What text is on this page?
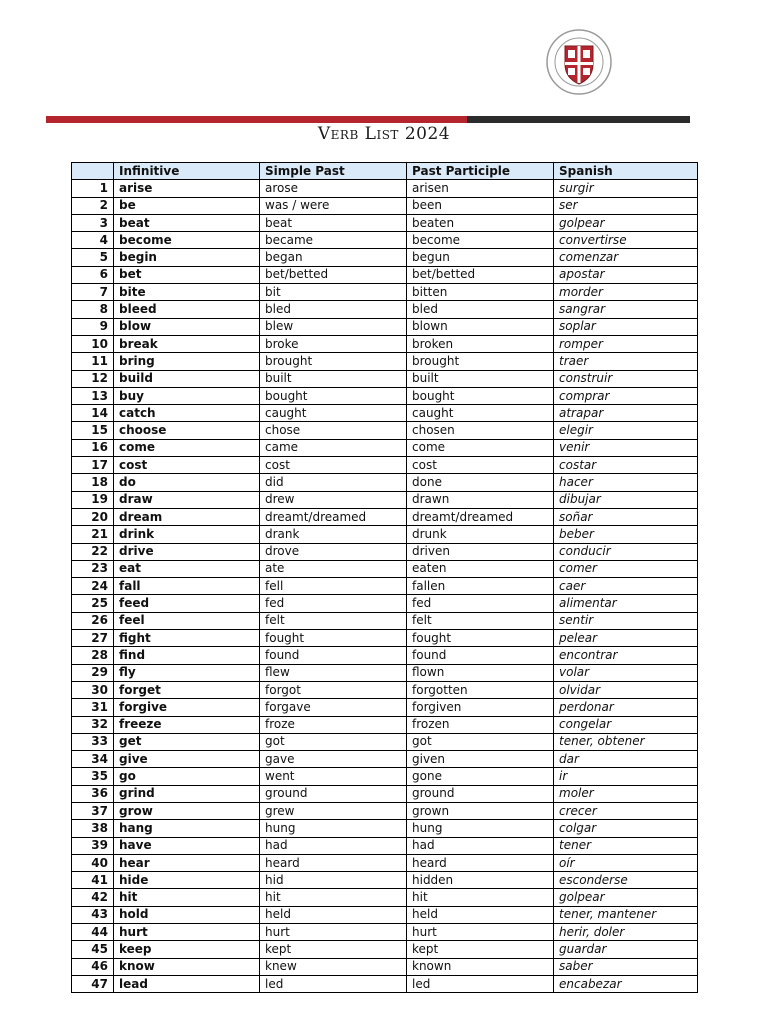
Verb List 2024
	Infinitive	Simple Past	Past Participle	Spanish
1	arise	arose	arisen	surgir
2	be	was / were	been	ser
3	beat	beat	beaten	golpear
4	become	became	become	convertirse
5	begin	began	begun	comenzar
6	bet	bet/betted	bet/betted	apostar
7	bite	bit	bitten	morder
8	bleed	bled	bled	sangrar
9	blow	blew	blown	soplar
10	break	broke	broken	romper
11	bring	brought	brought	traer
12	build	built	built	construir
13	buy	bought	bought	comprar
14	catch	caught	caught	atrapar
15	choose	chose	chosen	elegir
16	come	came	come	venir
17	cost	cost	cost	costar
18	do	did	done	hacer
19	draw	drew	drawn	dibujar
20	dream	dreamt/dreamed	dreamt/dreamed	soñar
21	drink	drank	drunk	beber
22	drive	drove	driven	conducir
23	eat	ate	eaten	comer
24	fall	fell	fallen	caer
25	feed	fed	fed	alimentar
26	feel	felt	felt	sentir
27	fight	fought	fought	pelear
28	find	found	found	encontrar
29	fly	flew	flown	volar
30	forget	forgot	forgotten	olvidar
31	forgive	forgave	forgiven	perdonar
32	freeze	froze	frozen	congelar
33	get	got	got	tener, obtener
34	give	gave	given	dar
35	go	went	gone	ir
36	grind	ground	ground	moler
37	grow	grew	grown	crecer
38	hang	hung	hung	colgar
39	have	had	had	tener
40	hear	heard	heard	oír
41	hide	hid	hidden	esconderse
42	hit	hit	hit	golpear
43	hold	held	held	tener, mantener
44	hurt	hurt	hurt	herir, doler
45	keep	kept	kept	guardar
46	know	knew	known	saber
47	lead	led	led	encabezar
